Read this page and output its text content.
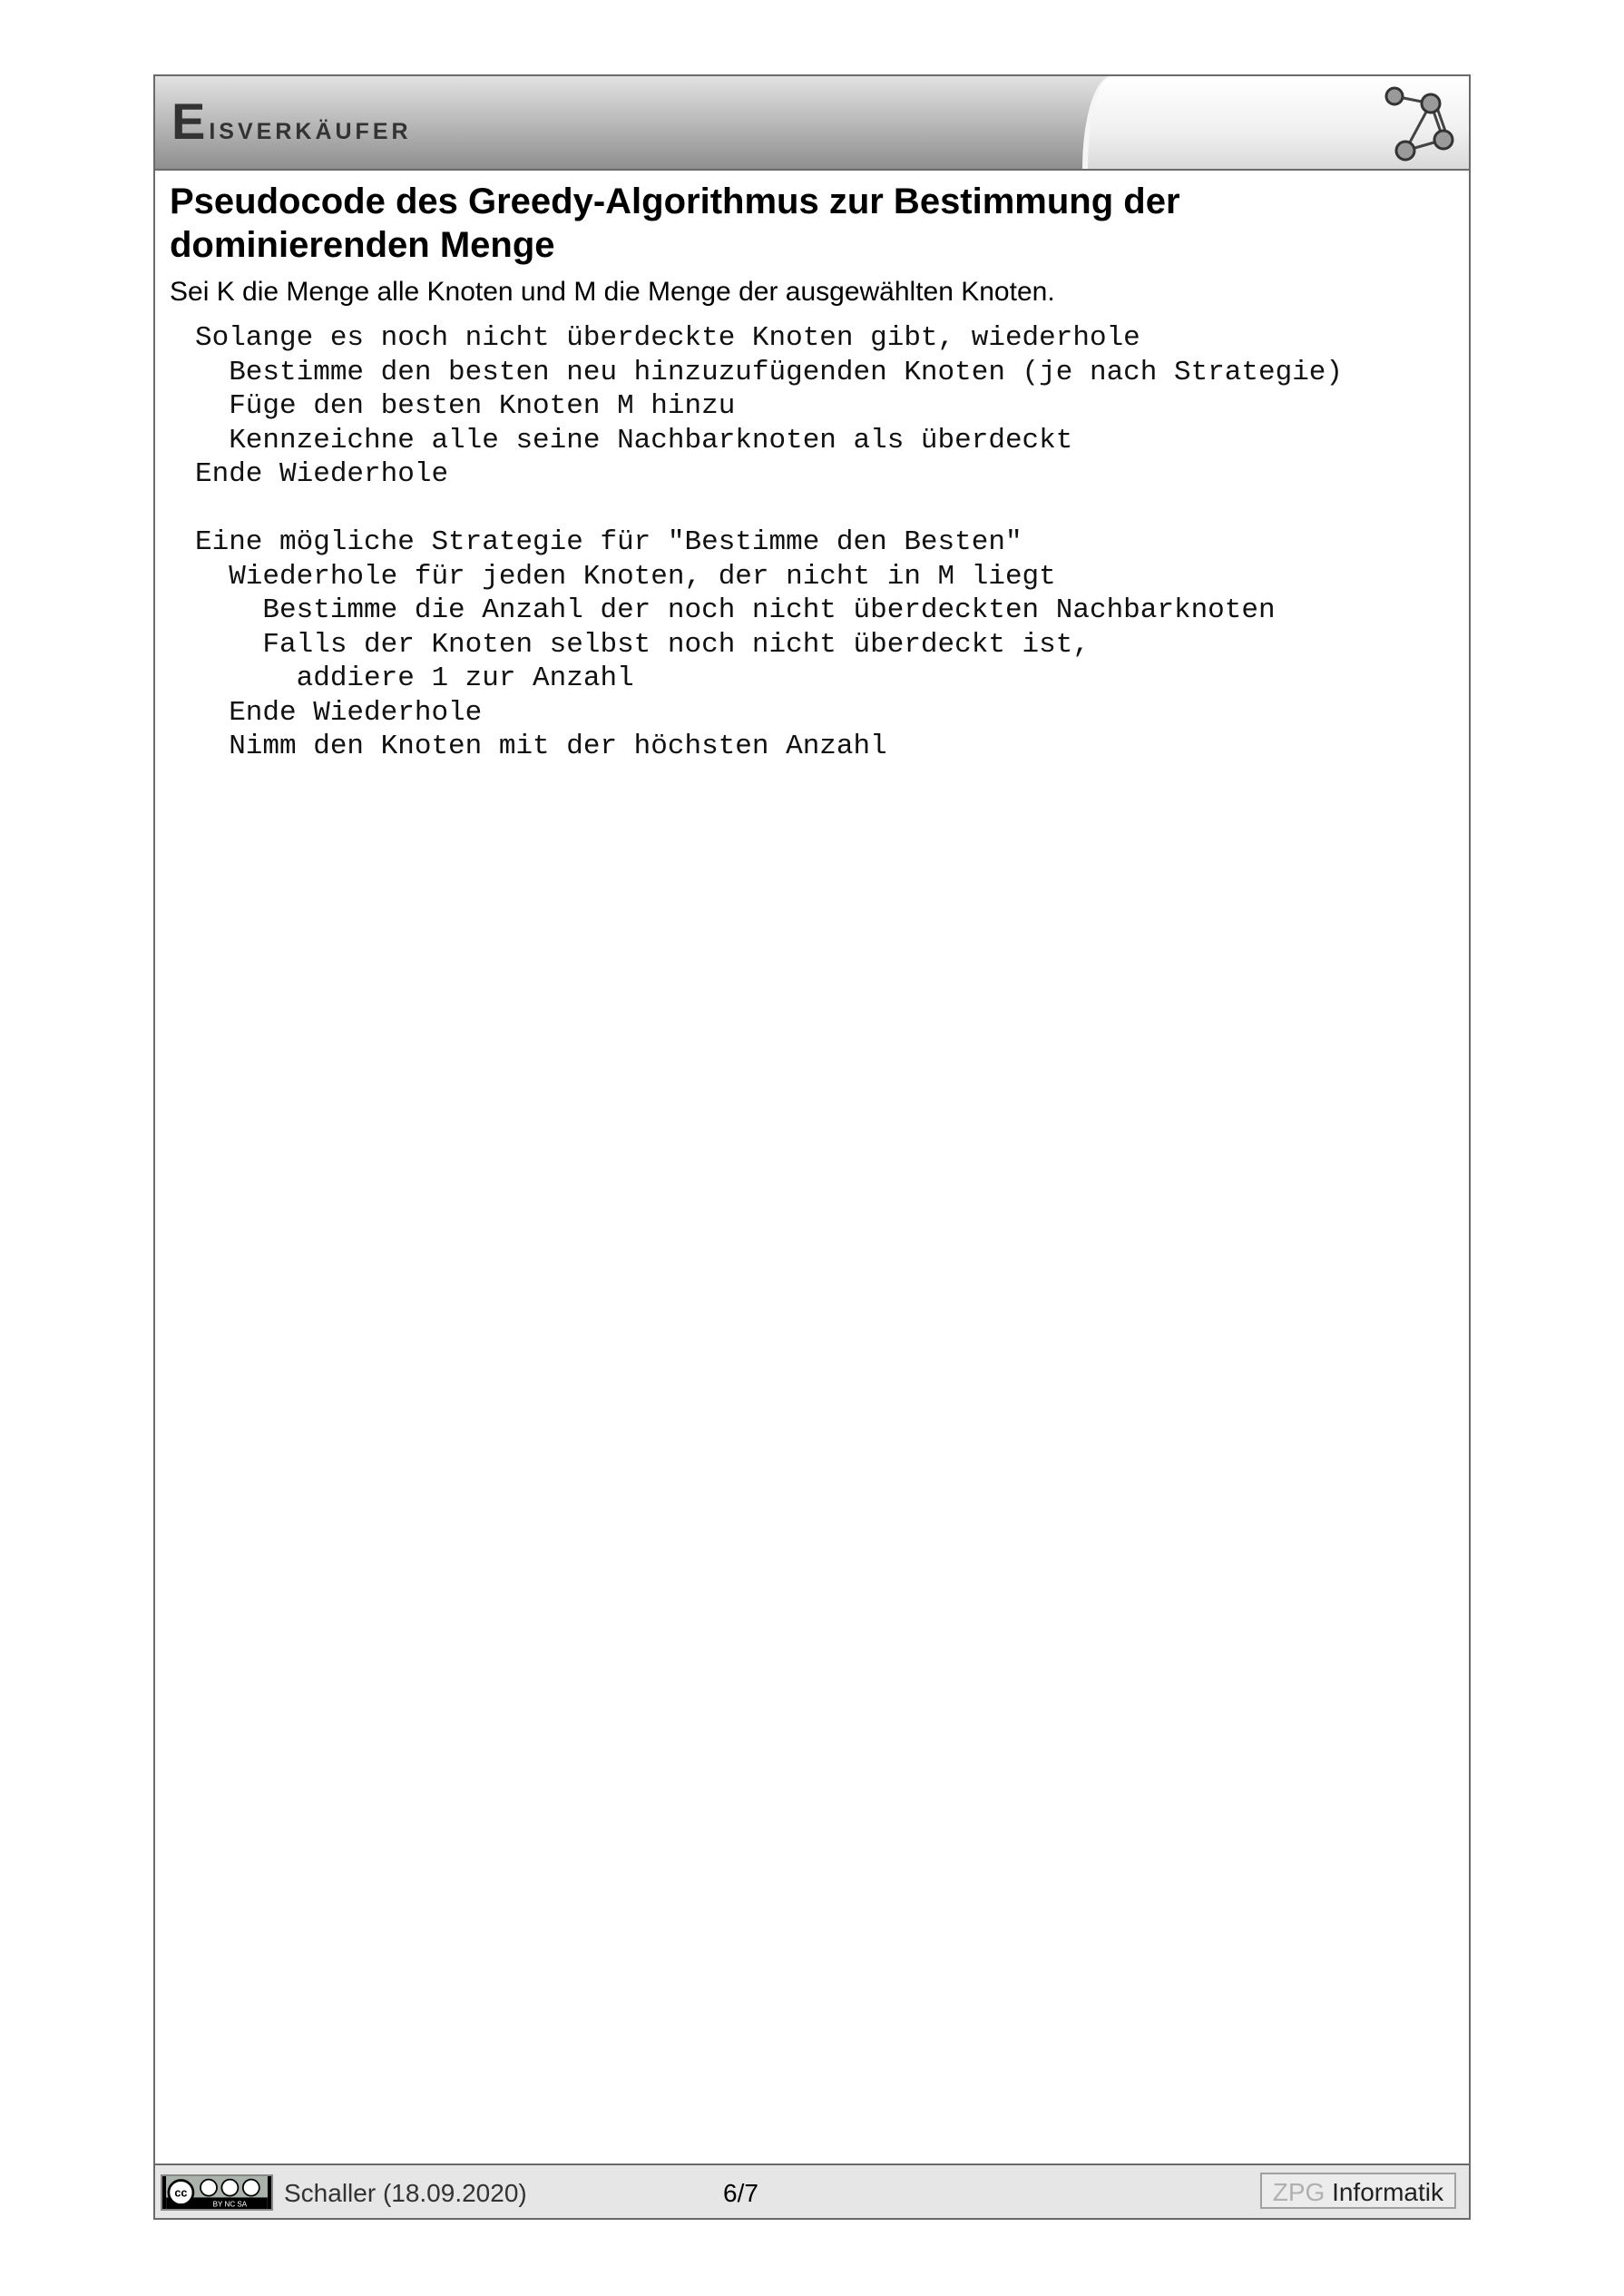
Eisverkäufer
Pseudocode des Greedy-Algorithmus zur Bestimmung der
dominierenden Menge

Sei K die Menge alle Knoten und M die Menge der ausgewählten Knoten.

Solange es noch nicht überdeckte Knoten gibt, wiederhole
Bestimme den besten neu hinzuzufügenden Knoten (je nach Strategie)
Füge den besten Knoten M hinzu
Kennzeichne alle seine Nachbarknoten als überdeckt
Ende Wiederhole
Eine mögliche Strategie für "Bestimme den Besten"
Wiederhole für jeden Knoten, der nicht in M liegt
Bestimme die Anzahl der noch nicht überdeckten Nachbarknoten
Falls der Knoten selbst noch nicht überdeckt ist,
addiere 1 zur Anzahl
Ende Wiederhole
Nimm den Knoten mit der höchsten Anzahl
cc
BY NC SA Schaller (18.09.2020)	6/7	ZPG Informatik
